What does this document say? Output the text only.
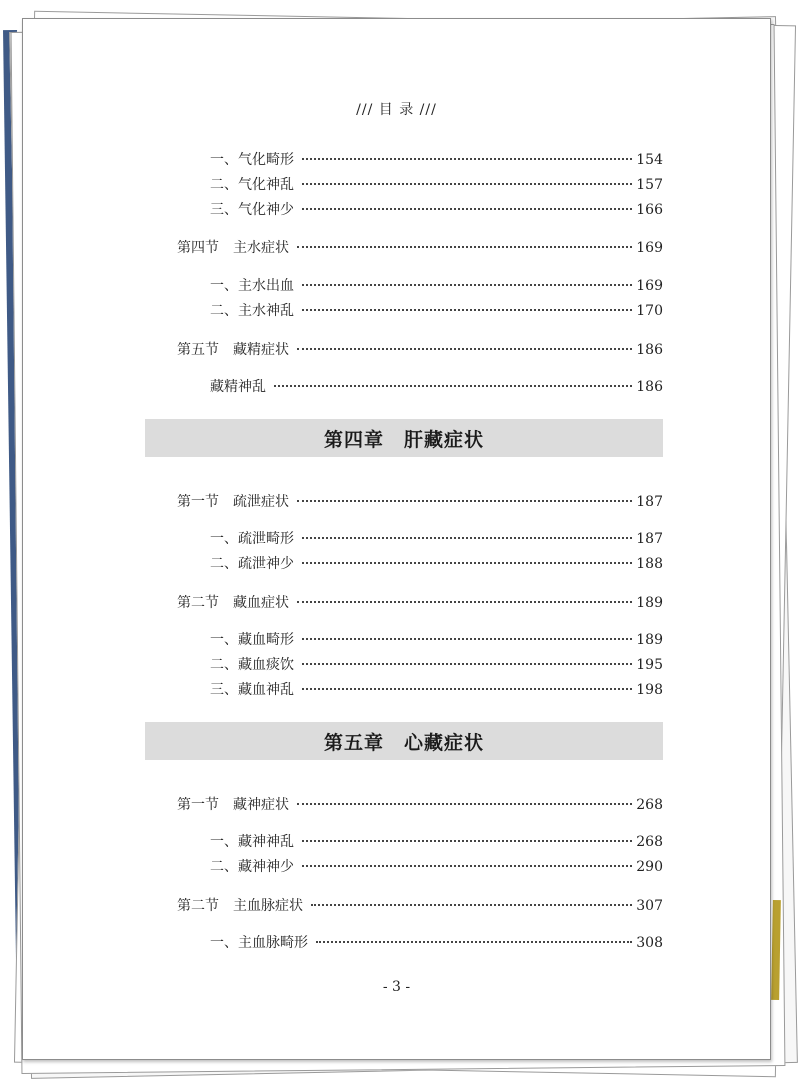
/// 目 录 ///
一、气化畸形	154
二、气化神乱	157
三、气化神少	166
第四节　主水症状	169
一、主水出血	169
二、主水神乱	170
第五节　藏精症状	186
藏精神乱	186
第四章　肝藏症状
第一节　疏泄症状	187
一、疏泄畸形	187
二、疏泄神少	188
第二节　藏血症状	189
一、藏血畸形	189
二、藏血痰饮	195
三、藏血神乱	198
第五章　心藏症状
第一节　藏神症状	268
一、藏神神乱	268
二、藏神神少	290
第二节　主血脉症状	307
一、主血脉畸形	308
- 3 -
